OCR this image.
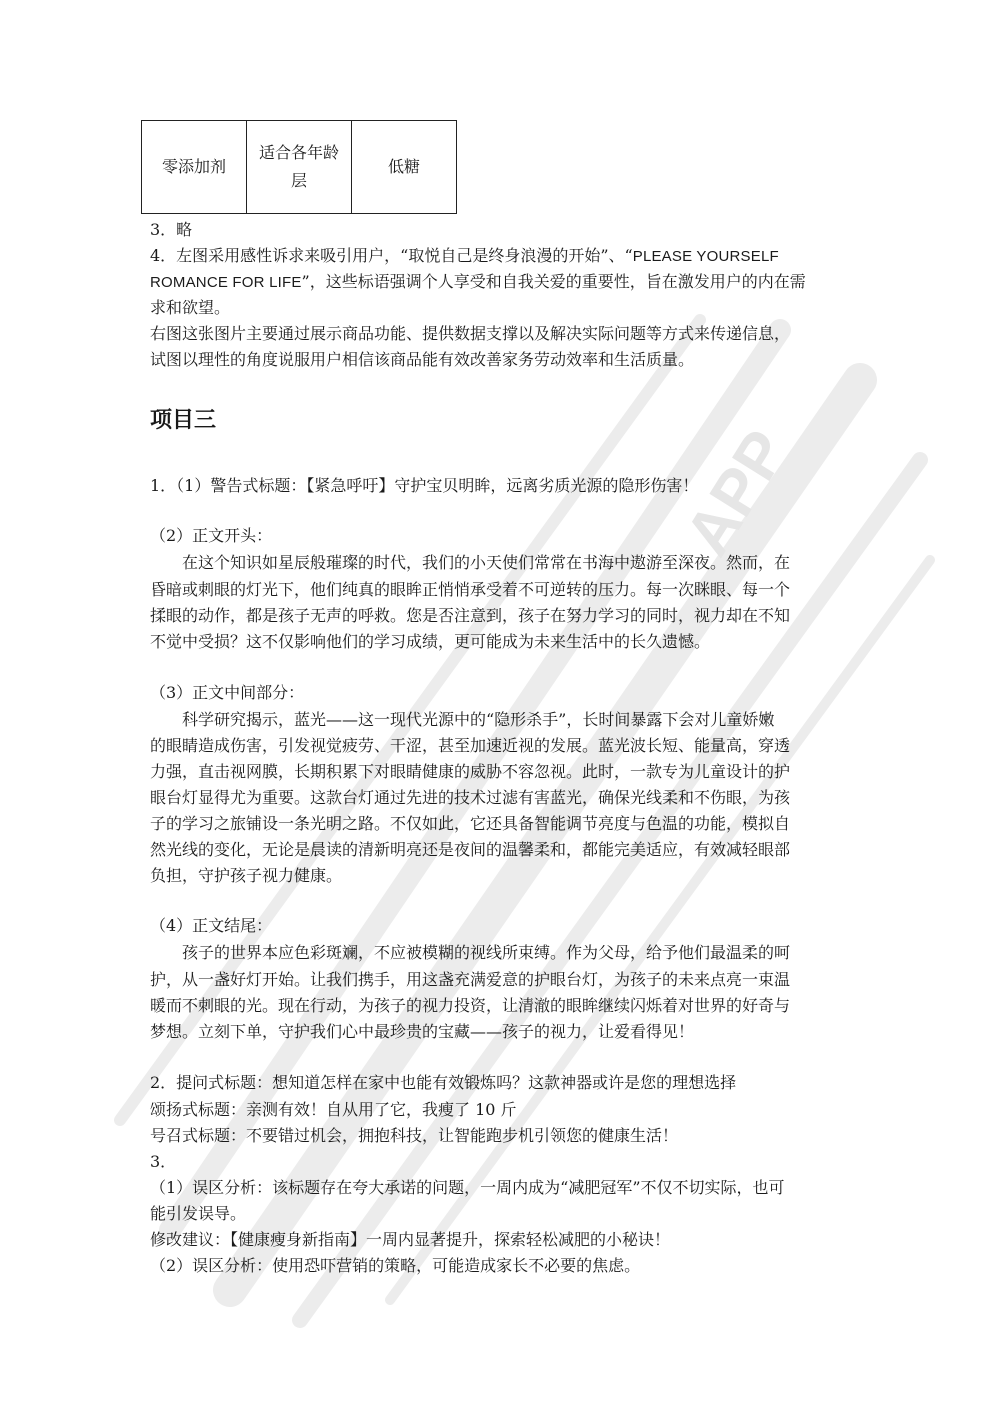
APP
零添加剂	适合各年龄层	低糖

3．略

4．左图采用感性诉求来吸引用户，“取悦自己是终身浪漫的开始”、“PLEASE YOURSELF

ROMANCE FOR LIFE”，这些标语强调个人享受和自我关爱的重要性，旨在激发用户的内在需

求和欲望。

右图这张图片主要通过展示商品功能、提供数据支撑以及解决实际问题等方式来传递信息，

试图以理性的角度说服用户相信该商品能有效改善家务劳动效率和生活质量。

项目三

1．（1）警告式标题：【紧急呼吁】守护宝贝明眸，远离劣质光源的隐形伤害！

（2）正文开头：

　　在这个知识如星辰般璀璨的时代，我们的小天使们常常在书海中遨游至深夜。然而，在

昏暗或刺眼的灯光下，他们纯真的眼眸正悄悄承受着不可逆转的压力。每一次眯眼、每一个

揉眼的动作，都是孩子无声的呼救。您是否注意到，孩子在努力学习的同时，视力却在不知

不觉中受损？这不仅影响他们的学习成绩，更可能成为未来生活中的长久遗憾。

（3）正文中间部分：

　　科学研究揭示，蓝光——这一现代光源中的“隐形杀手”，长时间暴露下会对儿童娇嫩

的眼睛造成伤害，引发视觉疲劳、干涩，甚至加速近视的发展。蓝光波长短、能量高，穿透

力强，直击视网膜，长期积累下对眼睛健康的威胁不容忽视。此时，一款专为儿童设计的护

眼台灯显得尤为重要。这款台灯通过先进的技术过滤有害蓝光，确保光线柔和不伤眼，为孩

子的学习之旅铺设一条光明之路。不仅如此，它还具备智能调节亮度与色温的功能，模拟自

然光线的变化，无论是晨读的清新明亮还是夜间的温馨柔和，都能完美适应，有效减轻眼部

负担，守护孩子视力健康。

（4）正文结尾：

　　孩子的世界本应色彩斑斓，不应被模糊的视线所束缚。作为父母，给予他们最温柔的呵

护，从一盏好灯开始。让我们携手，用这盏充满爱意的护眼台灯，为孩子的未来点亮一束温

暖而不刺眼的光。现在行动，为孩子的视力投资，让清澈的眼眸继续闪烁着对世界的好奇与

梦想。立刻下单，守护我们心中最珍贵的宝藏——孩子的视力，让爱看得见！

2．提问式标题：想知道怎样在家中也能有效锻炼吗？这款神器或许是您的理想选择

颂扬式标题：亲测有效！自从用了它，我瘦了 10 斤

号召式标题：不要错过机会，拥抱科技，让智能跑步机引领您的健康生活！

3．

（1）误区分析：该标题存在夸大承诺的问题，一周内成为“减肥冠军”不仅不切实际，也可

能引发误导。

修改建议：【健康瘦身新指南】一周内显著提升，探索轻松减肥的小秘诀！

（2）误区分析：使用恐吓营销的策略，可能造成家长不必要的焦虑。
